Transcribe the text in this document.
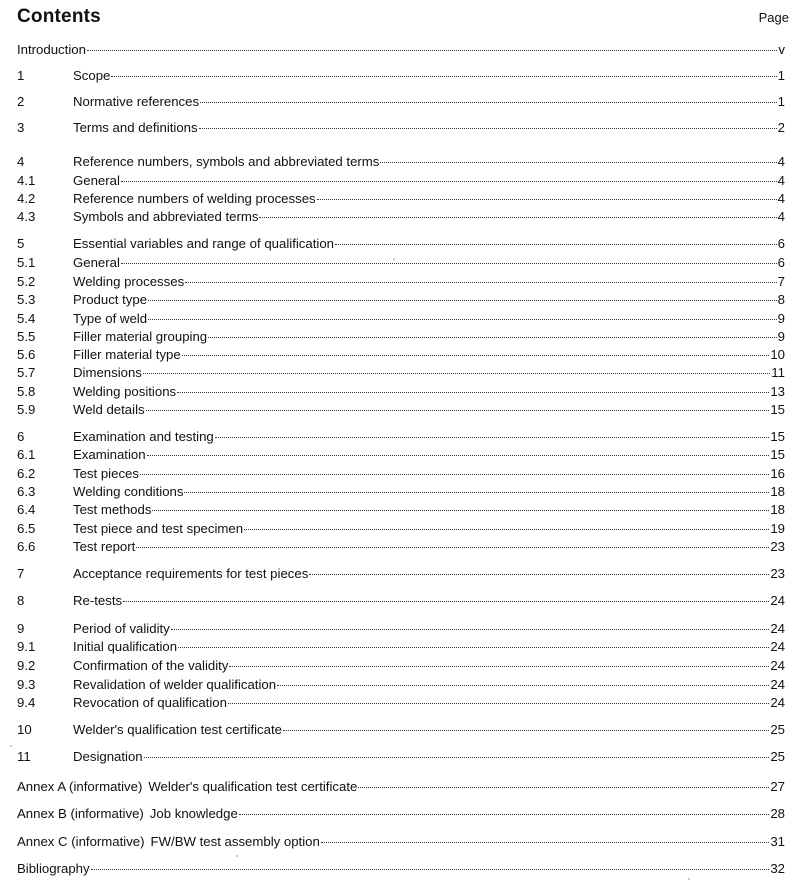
Contents	Page
Introduction	v
1	Scope	1
2	Normative references	1
3	Terms and definitions	2
4	Reference numbers, symbols and abbreviated terms	4
4.1	General	4
4.2	Reference numbers of welding processes	4
4.3	Symbols and abbreviated terms	4
5	Essential variables and range of qualification	6
5.1	General	6
5.2	Welding processes	7
5.3	Product type	8
5.4	Type of weld	9
5.5	Filler material grouping	9
5.6	Filler material type	10
5.7	Dimensions	11
5.8	Welding positions	13
5.9	Weld details	15
6	Examination and testing	15
6.1	Examination	15
6.2	Test pieces	16
6.3	Welding conditions	18
6.4	Test methods	18
6.5	Test piece and test specimen	19
6.6	Test report	23
7	Acceptance requirements for test pieces	23
8	Re-tests	24
9	Period of validity	24
9.1	Initial qualification	24
9.2	Confirmation of the validity	24
9.3	Revalidation of welder qualification	24
9.4	Revocation of qualification	24
10	Welder's qualification test certificate	25
11	Designation	25
Annex A (informative) Welder's qualification test certificate	27
Annex B (informative) Job knowledge	28
Annex C (informative) FW/BW test assembly option	31
Bibliography	32
